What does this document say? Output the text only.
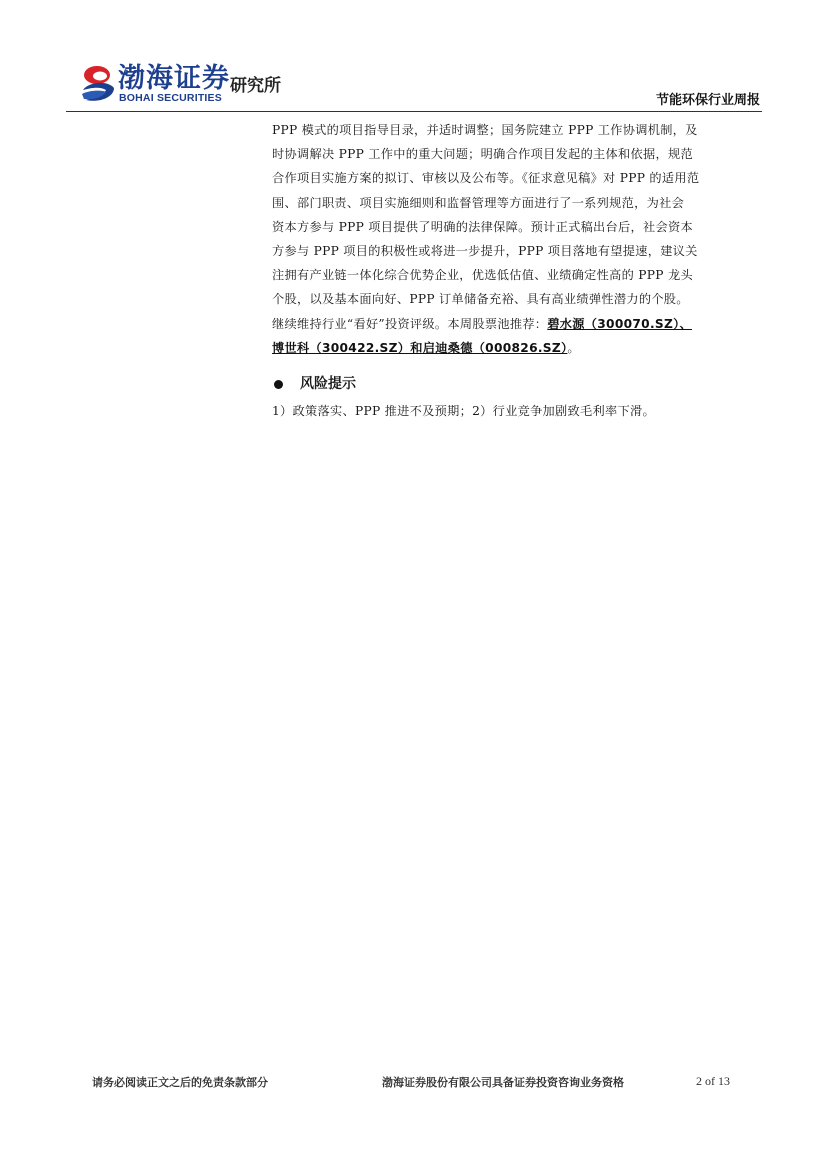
渤海证券
BOHAI SECURITIES
研究所
节能环保行业周报

PPP 模式的项目指导目录，并适时调整；国务院建立 PPP 工作协调机制，及

时协调解决 PPP 工作中的重大问题；明确合作项目发起的主体和依据，规范

合作项目实施方案的拟订、审核以及公布等。《征求意见稿》对 PPP 的适用范

围、部门职责、项目实施细则和监督管理等方面进行了一系列规范，为社会

资本方参与 PPP 项目提供了明确的法律保障。预计正式稿出台后，社会资本

方参与 PPP 项目的积极性或将进一步提升，PPP 项目落地有望提速，建议关

注拥有产业链一体化综合优势企业，优选低估值、业绩确定性高的 PPP 龙头

个股，以及基本面向好、PPP 订单储备充裕、具有高业绩弹性潜力的个股。

继续维持行业“看好”投资评级。本周股票池推荐：碧水源（300070.SZ）、

博世科（300422.SZ）和启迪桑德（000826.SZ）。

风险提示
1）政策落实、PPP 推进不及预期；2）行业竞争加剧致毛利率下滑。
请务必阅读正文之后的免责条款部分	渤海证券股份有限公司具备证券投资咨询业务资格	2 of 13
